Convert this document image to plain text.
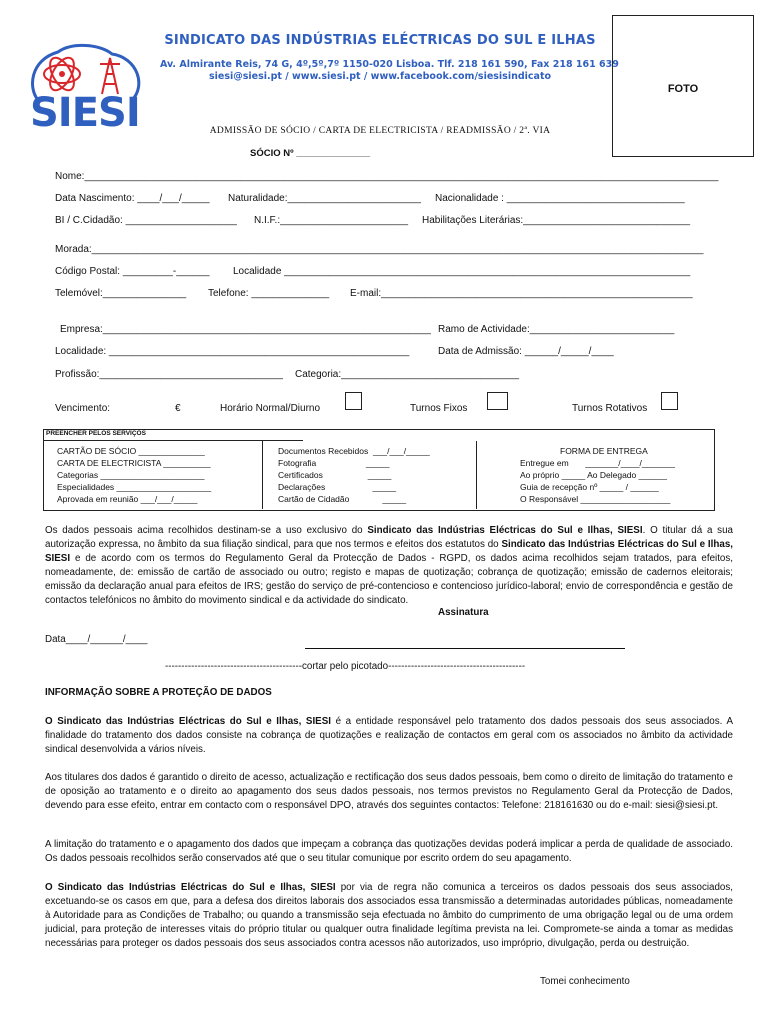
SIESI
SINDICATO DAS INDÚSTRIAS ELÉCTRICAS DO SUL E ILHAS
Av. Almirante Reis, 74 G, 4º,5º,7º 1150-020 Lisboa. Tlf. 218 161 590, Fax 218 161 639
siesi@siesi.pt / www.siesi.pt / www.facebook.com/siesisindicato
FOTO
ADMISSÃO DE SÓCIO / CARTA DE ELECTRICISTA / READMISSÃO / 2ª. VIA
SÓCIO Nº ______________
Nome:__________________________________________________________________________________________________________________
Data Nascimento: ____/___/_____ Naturalidade:________________________ Nacionalidade : ________________________________
BI / C.Cidadão: ____________________ N.I.F.:_______________________ Habilitações Literárias:______________________________
Morada:______________________________________________________________________________________________________________
Código Postal: _________-______ Localidade _________________________________________________________________________
Telemóvel:_______________ Telefone: ______________ E-mail:________________________________________________________
Empresa:___________________________________________________________ Ramo de Actividade:__________________________
Localidade: ______________________________________________________	Data de Admissão: ______/_____/____
Profissão:_________________________________ Categoria:________________________________
Vencimento:	€	Horário Normal/Diurno	Turnos Fixos	Turnos Rotativos
PREENCHER PELOS SERVIÇOS
CARTÃO DE SÓCIO ______________
CARTA DE ELECTRICISTA __________
Categorias ______________________
Especialidades ____________________
Aprovada em reunião ___/___/_____
Documentos Recebidos  ___/___/_____
Fotografia                     _____
Certificados                   _____
Declarações                    _____
Cartão de Cidadão              _____
FORMA DE ENTREGA
Entregue em       _______/____/_______
Ao próprio _____ Ao Delegado ______
Guia de recepção nº _____ / ______
O Responsável ___________________
Os dados pessoais acima recolhidos destinam-se a uso exclusivo do Sindicato das Indústrias Eléctricas do Sul e Ilhas, SIESI. O titular dá a sua autorização expressa, no âmbito da sua filiação sindical, para que nos termos e efeitos dos estatutos do Sindicato das Indústrias Eléctricas do Sul e Ilhas, SIESI e de acordo com os termos do Regulamento Geral da Protecção de Dados - RGPD, os dados acima recolhidos sejam tratados, para efeitos, nomeadamente, de: emissão de cartão de associado ou outro; registo e mapas de quotização; cobrança de quotização; emissão de cadernos eleitorais; emissão da declaração anual para efeitos de IRS; gestão do serviço de pré-contencioso e contencioso jurídico-laboral; envio de correspondência e gestão de contactos telefónicos no âmbito do movimento sindical e da actividade do sindicato.
Assinatura
Data____/______/____
------------------------------------------cortar pelo picotado------------------------------------------
INFORMAÇÃO SOBRE A PROTEÇÃO DE DADOS
O Sindicato das Indústrias Eléctricas do Sul e Ilhas, SIESI é a entidade responsável pelo tratamento dos dados pessoais dos seus associados. A finalidade do tratamento dos dados consiste na cobrança de quotizações e realização de contactos em geral com os associados no âmbito da actividade sindical desenvolvida a vários níveis.
Aos titulares dos dados é garantido o direito de acesso, actualização e rectificação dos seus dados pessoais, bem como o direito de limitação do tratamento e de oposição ao tratamento e o direito ao apagamento dos seus dados pessoais, nos termos previstos no Regulamento Geral da Protecção de Dados, devendo para esse efeito, entrar em contacto com o responsável DPO, através dos seguintes contactos: Telefone: 218161630 ou do e-mail: siesi@siesi.pt.
A limitação do tratamento e o apagamento dos dados que impeçam a cobrança das quotizações devidas poderá implicar a perda de qualidade de associado. Os dados pessoais recolhidos serão conservados até que o seu titular comunique por escrito ordem do seu apagamento.
O Sindicato das Indústrias Eléctricas do Sul e Ilhas, SIESI por via de regra não comunica a terceiros os dados pessoais dos seus associados, excetuando-se os casos em que, para a defesa dos direitos laborais dos associados essa transmissão a determinadas autoridades públicas, nomeadamente à Autoridade para as Condições de Trabalho; ou quando a transmissão seja efectuada no âmbito do cumprimento de uma obrigação legal ou de uma ordem judicial, para proteção de interesses vitais do próprio titular ou qualquer outra finalidade legítima prevista na lei. Compromete-se ainda a tomar as medidas necessárias para proteger os dados pessoais dos seus associados contra acessos não autorizados, uso impróprio, divulgação, perda ou destruição.
Tomei conhecimento
